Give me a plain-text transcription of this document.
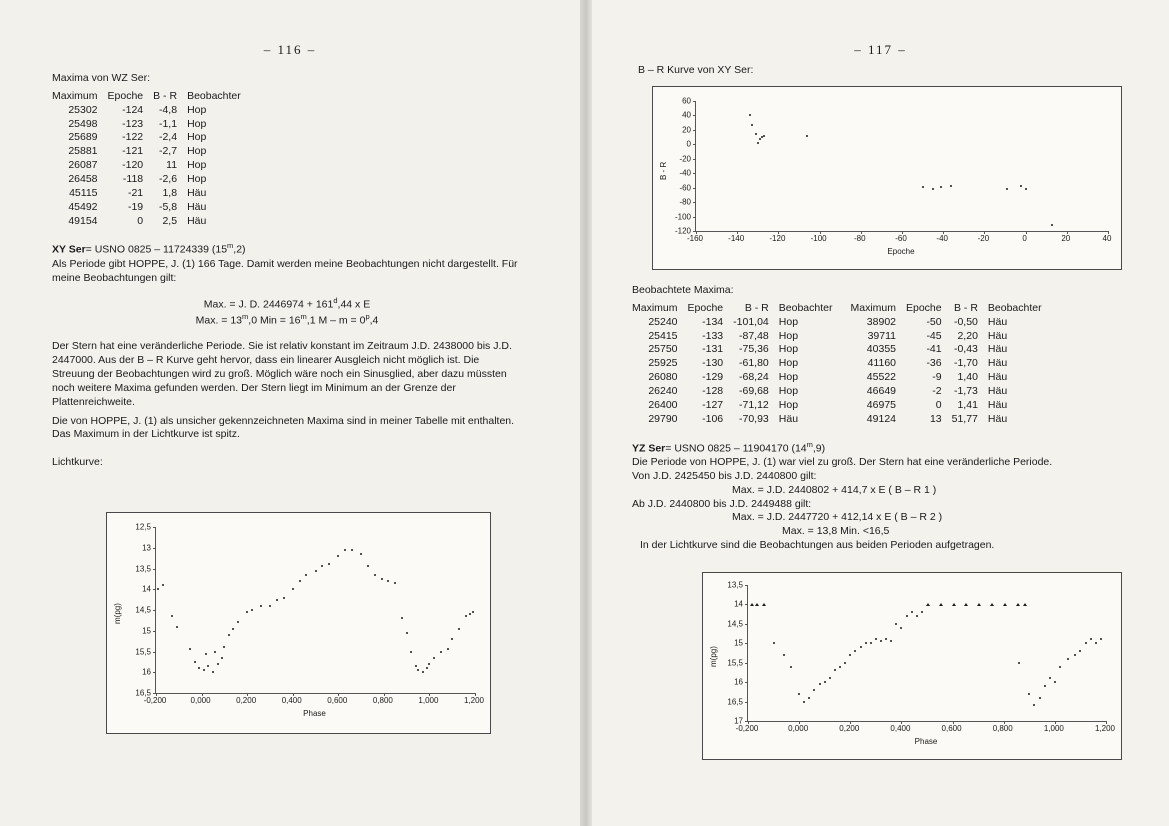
– 116 –
Maxima von WZ Ser:
Maximum	Epoche	B - R	Beobachter
25302	-124	-4,8	Hop
25498	-123	-1,1	Hop
25689	-122	-2,4	Hop
25881	-121	-2,7	Hop
26087	-120	11	Hop
26458	-118	-2,6	Hop
45115	-21	1,8	Häu
45492	-19	-5,8	Häu
49154	0	2,5	Häu
XY Ser= USNO 0825 – 11724339 (15$^m$,2)

Als Periode gibt HOPPE, J. (1) 166 Tage. Damit werden meine Beobachtungen nicht dargestellt. Für meine Beobachtungen gilt:

Max. = J. D. $2446974 + 161^d,44$ x E
Max. = $13^m,0$ Min = $16^m,1$ $M - m = 0^p,4$

Der Stern hat eine veränderliche Periode. Sie ist relativ konstant im Zeitraum J.D. 2438000 bis J.D. 2447000. Aus der B – R Kurve geht hervor, dass ein linearer Ausgleich nicht möglich ist. Die Streuung der Beobachtungen wird zu groß. Möglich wäre noch ein Sinusglied, aber dazu müssten noch weitere Maxima gefunden werden. Der Stern liegt im Minimum an der Grenze der Plattenreichweite.

Die von HOPPE, J. (1) als unsicher gekennzeichneten Maxima sind in meiner Tabelle mit enthalten.

Das Maximum in der Lichtkurve ist spitz.

Lichtkurve:
-0,200	0,000	0,200	0,400	0,600	0,800	1,000	1,200
12,5
13
13,5
14
14,5
15
15,5
16
16,5
Phase
m(pg)
– 117 –
B – R Kurve von XY Ser:
-160	-140	-120	-100	-80	-60	-40	-20	0	20	40
60
40
20
0
-20
-40
-60
-80
-100
-120
Epoche
B - R
Beobachtete Maxima:
Maximum	Epoche	B - R	Beobachter	Maximum	Epoche	B - R	Beobachter
25240	-134	-101,04	Hop	38902	-50	-0,50	Häu
25415	-133	-87,48	Hop	39711	-45	2,20	Häu
25750	-131	-75,36	Hop	40355	-41	-0,43	Häu
25925	-130	-61,80	Hop	41160	-36	-1,70	Häu
26080	-129	-68,24	Hop	45522	-9	1,40	Häu
26240	-128	-69,68	Hop	46649	-2	-1,73	Häu
26400	-127	-71,12	Hop	46975	0	1,41	Häu
29790	-106	-70,93	Häu	49124	13	51,77	Häu
YZ Ser= USNO 0825 – 11904170 (14$^m$,9)

Die Periode von HOPPE, J. (1) war viel zu groß. Der Stern hat eine veränderliche Periode.

Von J.D. 2425450 bis J.D. 2440800 gilt:

Max. = J.D. 2440802 + 414,7 x E ( B – R 1 )

Ab J.D. 2440800 bis J.D. 2449488 gilt:

Max. = J.D. 2447720 + 412,14 x E ( B – R 2 )
Max. = 13,8 Min. <16,5

In der Lichtkurve sind die Beobachtungen aus beiden Perioden aufgetragen.

-0,200	0,000	0,200	0,400	0,600	0,800	1,000	1,200
13,5
14
14,5
15
15,5
16
16,5
17
Phase
m(pg)
